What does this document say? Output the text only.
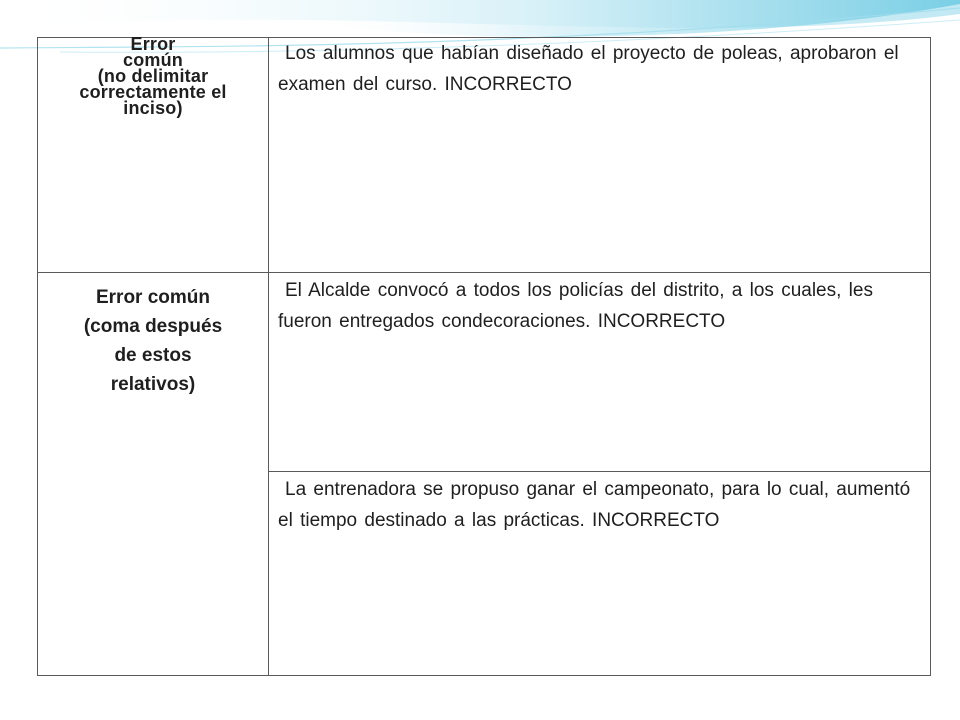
Error
común
(no delimitar
correctamente el
inciso)	Los alumnos que habían diseñado el proyecto de poleas, aprobaron el examen del curso. INCORRECTO

Error común
(coma después
de estos
relativos)	El Alcalde convocó a todos los policías del distrito, a los cuales, les fueron entregados condecoraciones. INCORRECTO

	La entrenadora se propuso ganar el campeonato, para lo cual, aumentó el tiempo destinado a las prácticas. INCORRECTO
